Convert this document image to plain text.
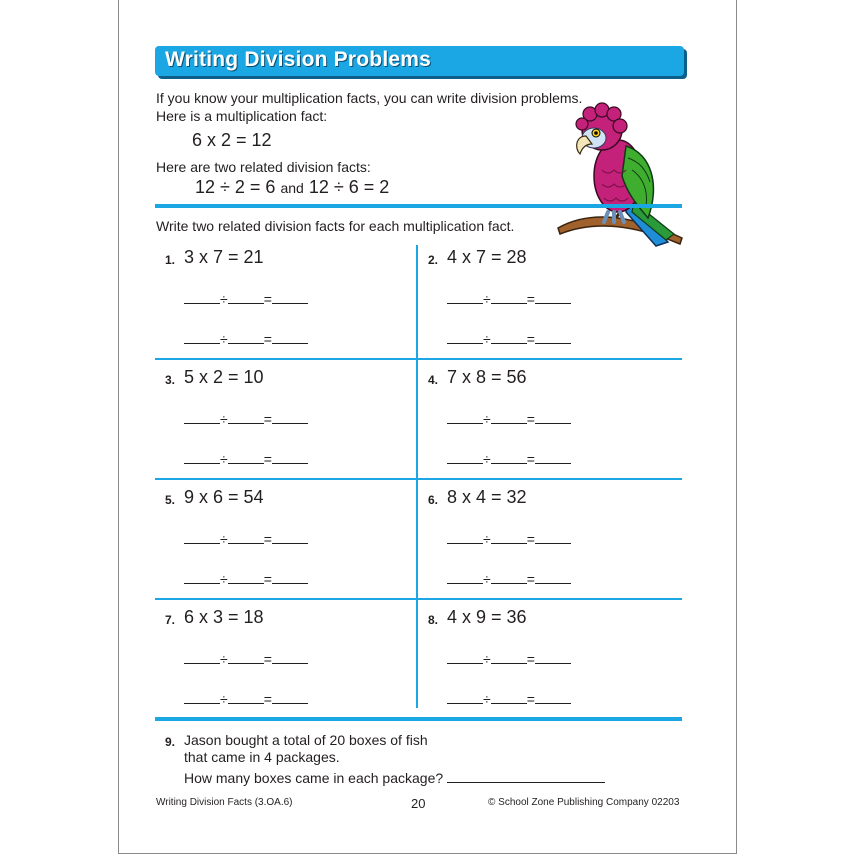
Writing Division Problems
If you know your multiplication facts, you can write division problems.
Here is a multiplication fact:
6 x 2 = 12
Here are two related division facts:
12 ÷ 2 = 6 and 12 ÷ 6 = 2
Write two related division facts for each multiplication fact.
1. 3 x 7 = 21
÷	=
÷	=
2. 4 x 7 = 28
÷	=
÷	=
3. 5 x 2 = 10
÷	=
÷	=
4. 7 x 8 = 56
÷	=
÷	=
5. 9 x 6 = 54
÷	=
÷	=
6. 8 x 4 = 32
÷	=
÷	=
7. 6 x 3 = 18
÷	=
÷	=
8. 4 x 9 = 36
÷	=
÷	=
9. Jason bought a total of 20 boxes of fish
that came in 4 packages.
How many boxes came in each package?
Writing Division Facts (3.OA.6)	20	© School Zone Publishing Company 02203
